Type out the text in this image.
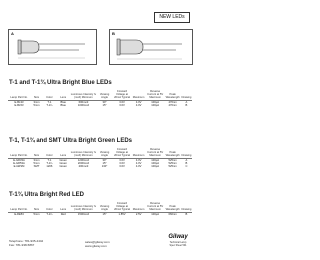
NEW LEDs
A	B
T-1 and T-1¾ Ultra Bright Blue LEDs
T-1, T-1¾ and SMT Ultra Bright Green LEDs
T-1¾ Ultra Bright Red LED
Lamp Part No.	Size	Color	Lens	Luminous Intensity Iv (mcd) Minimum	Viewing Angle	Forward Voltage at 20mA Typical	Maximum	Reverse Current at 5V Maximum	Peak Wavelength	Drawing
E-BL33	3mm	T-1	Blue	600mcd	30°	3.6V	4.0V	100µA	470nm	A
E-BL53	5mm	T-1¾	Blue	1000mcd	15°	3.6V	4.0V	100µA	470nm	B
Lamp Part No.	Size	Color	Lens	Luminous Intensity Iv (mcd) Minimum	Viewing Angle	Forward Voltage at 20mA Typical	Maximum	Reverse Current at 5V Maximum	Peak Wavelength	Drawing
E-GR33A	3mm	T-1	Green	1200mcd	30°	3.6V	4.0V	100µA	525nm	A
E-GR53A	5mm	T-1¾	Green	2000mcd	15°	3.6V	4.0V	100µA	525nm	B
E-GRSM	SMT	1206	Green	200mcd	130°	3.6V	4.0V	100µA	525nm	C
Lamp Part No.	Size	Color	Lens	Luminous Intensity Iv (mcd) Minimum	Viewing Angle	Forward Voltage at 20mA Typical	Maximum	Reverse Current at 5V Maximum	Peak Wavelength	Drawing
E-RE53	5mm	T-1¾	Red	1500mcd	15°	1.85V	2.5V	100µA	660nm	B
Telephone: 781-935-4442
Fax: 781-938-5867
sales@gilway.com
www.gilway.com
Gilway
Technical Lamp
Spec Sheet 501
